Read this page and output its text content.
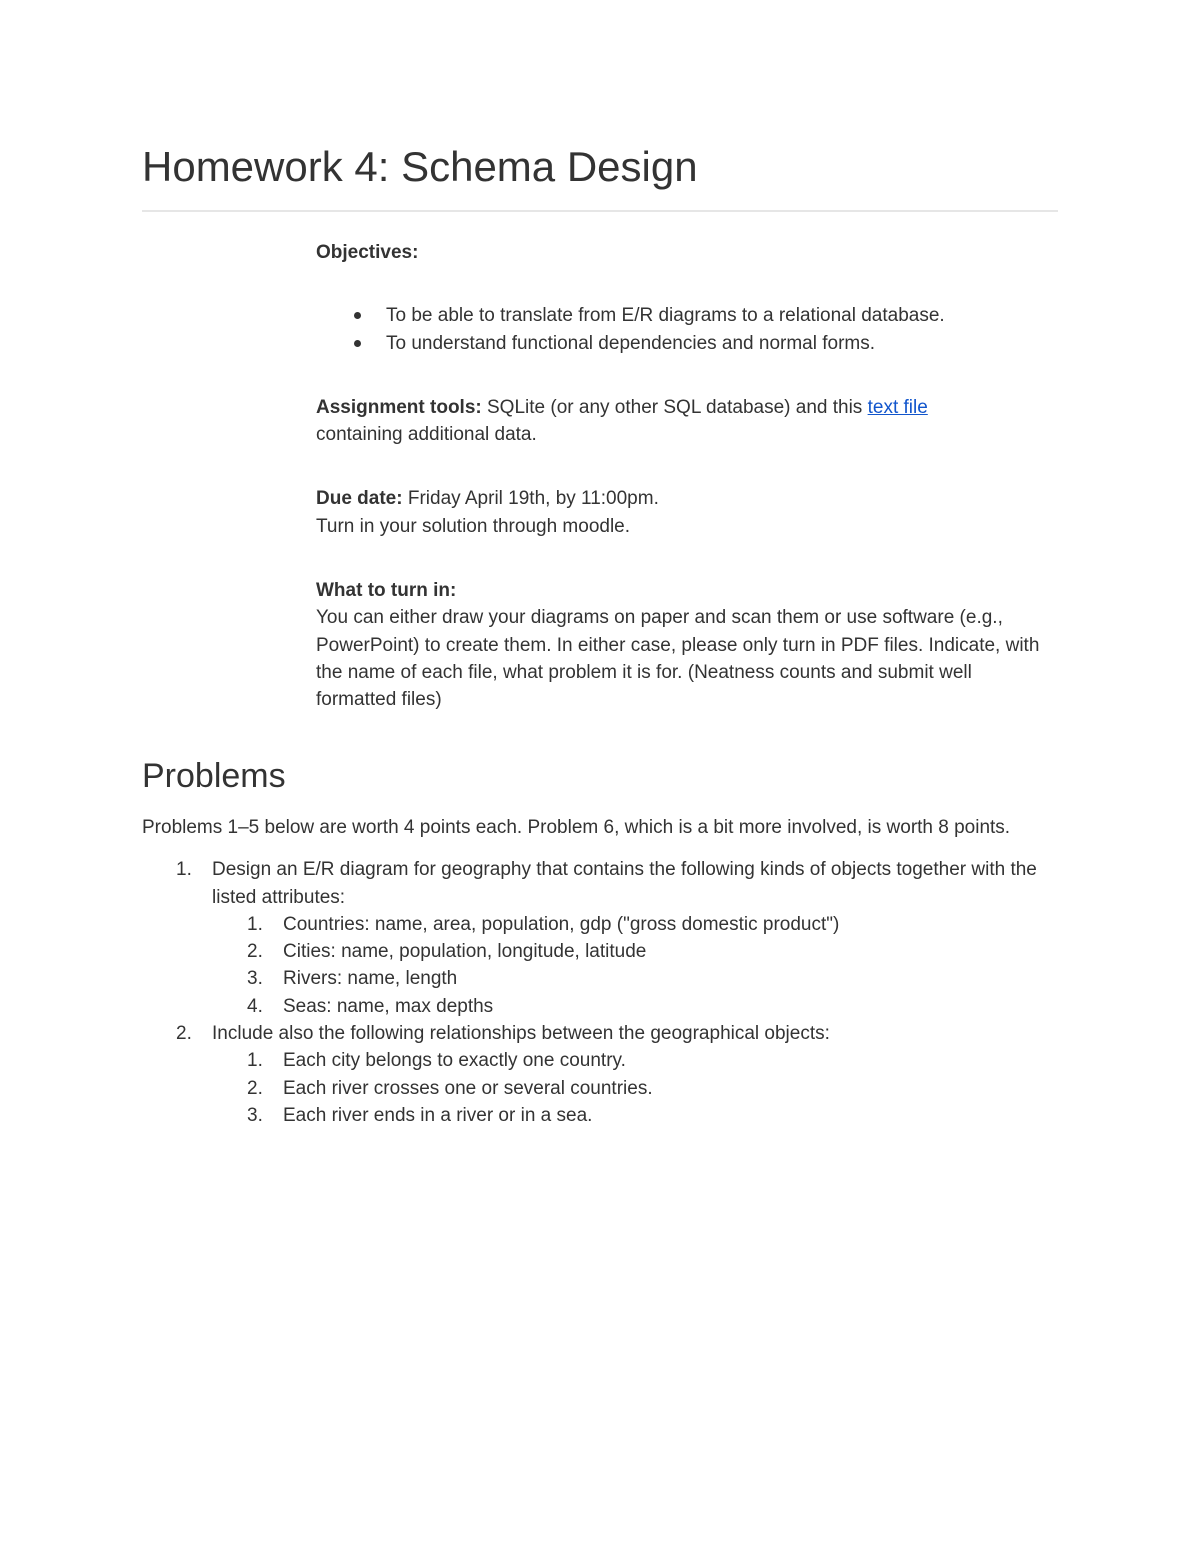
Homework 4: Schema Design

Objectives:

To be able to translate from E/R diagrams to a relational database.
To understand functional dependencies and normal forms.

Assignment tools: SQLite (or any other SQL database) and this text file
containing additional data.

Due date: Friday April 19th, by 11:00pm.

Turn in your solution through moodle.

What to turn in:

You can either draw your diagrams on paper and scan them or use software (e.g., PowerPoint) to create them. In either case, please only turn in PDF files. Indicate, with the name of each file, what problem it is for. (Neatness counts and submit well formatted files)

Problems

Problems 1–5 below are worth 4 points each. Problem 6, which is a bit more involved, is worth 8 points.

1. Design an E/R diagram for geography that contains the following kinds of objects together with the listed attributes:
1. Countries: name, area, population, gdp ("gross domestic product")
2. Cities: name, population, longitude, latitude
3. Rivers: name, length
4. Seas: name, max depths
2. Include also the following relationships between the geographical objects:
1. Each city belongs to exactly one country.
2. Each river crosses one or several countries.
3. Each river ends in a river or in a sea.
